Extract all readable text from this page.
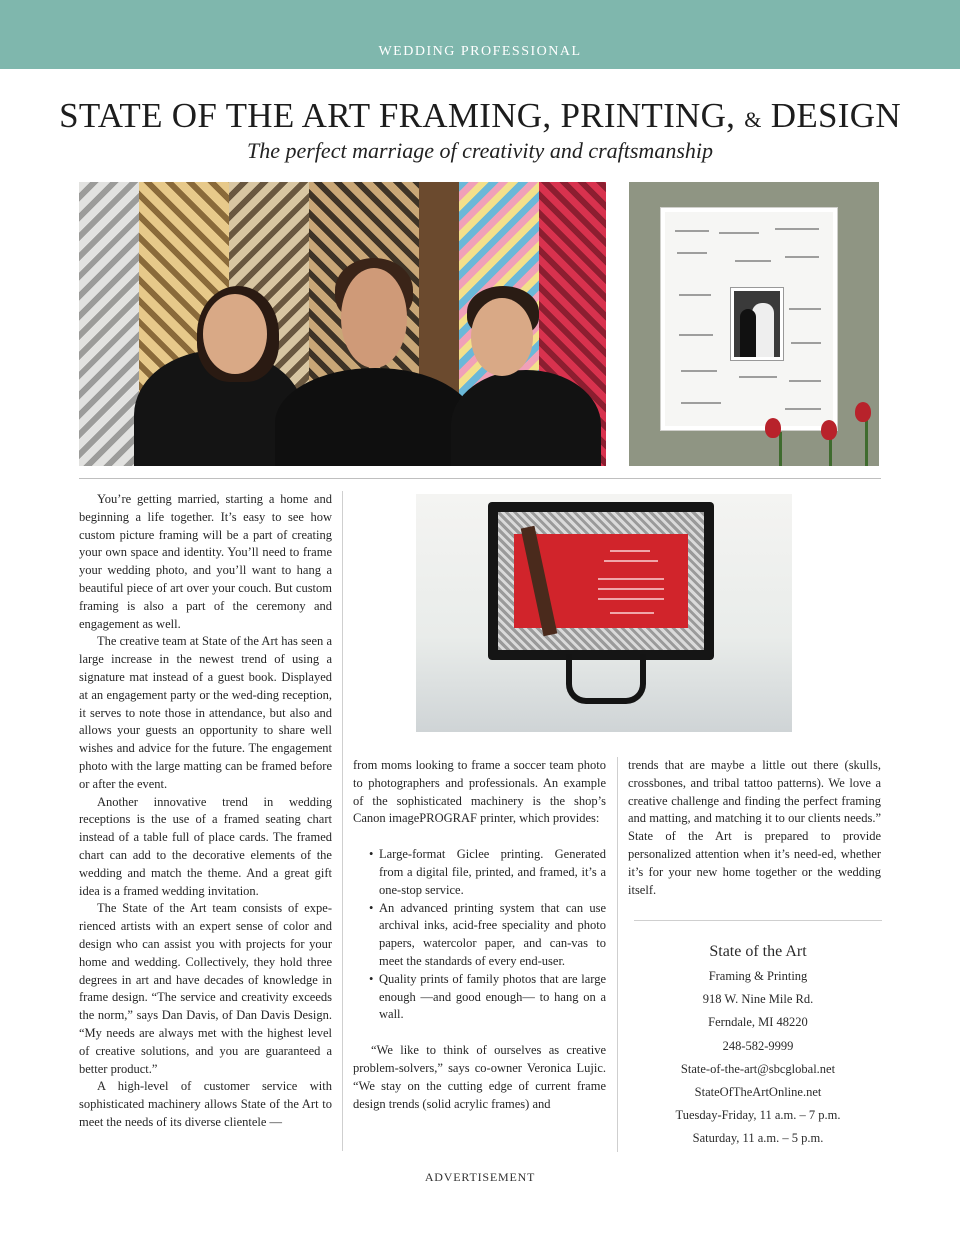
WEDDING PROFESSIONAL
STATE OF THE ART FRAMING, PRINTING, & DESIGN
The perfect marriage of creativity and craftsmanship

You’re getting married, starting a home and beginning a life together. It’s easy to see how custom picture framing will be a part of creating your own space and identity. You’ll need to frame your wedding photo, and you’ll want to hang a beautiful piece of art over your couch. But custom framing is also a part of the ceremony and engagement as well.

The creative team at State of the Art has seen a large increase in the newest trend of using a signature mat instead of a guest book. Displayed at an engagement party or the wed-ding reception, it serves to note those in attendance, but also and allows your guests an opportunity to share well wishes and advice for the future. The engagement photo with the large matting can be framed before or after the event.

Another innovative trend in wedding receptions is the use of a framed seating chart instead of a table full of place cards. The framed chart can add to the decorative elements of the wedding and match the theme. And a great gift idea is a framed wedding invitation.

The State of the Art team consists of expe-rienced artists with an expert sense of color and design who can assist you with projects for your home and wedding. Collectively, they hold three degrees in art and have decades of knowledge in frame design. “The service and creativity exceeds the norm,” says Dan Davis, of Dan Davis Design. “My needs are always met with the highest level of creative solutions, and you are guaranteed a better product.”

A high-level of customer service with sophisticated machinery allows State of the Art to meet the needs of its diverse clientele —

from moms looking to frame a soccer team photo to photographers and professionals. An example of the sophisticated machinery is the shop’s Canon imagePROGRAF printer, which provides:

• Large-format Giclee printing. Generated from a digital file, printed, and framed, it’s a one-stop service.
• An advanced printing system that can use archival inks, acid-free speciality and photo papers, watercolor paper, and can-vas to meet the standards of every end-user.
• Quality prints of family photos that are large enough —and good enough— to hang on a wall.

“We like to think of ourselves as creative problem-solvers,” says co-owner Veronica Lujic. “We stay on the cutting edge of current frame design trends (solid acrylic frames) and

trends that are maybe a little out there (skulls, crossbones, and tribal tattoo patterns). We love a creative challenge and finding the perfect framing and matting, and matching it to our clients needs.” State of the Art is prepared to provide personalized attention when it’s need-ed, whether it’s for your new home together or the wedding itself.

State of the Art
Framing & Printing
918 W. Nine Mile Rd.
Ferndale, MI 48220
248-582-9999
State-of-the-art@sbcglobal.net
StateOfTheArtOnline.net
Tuesday-Friday, 11 a.m. – 7 p.m.
Saturday, 11 a.m. – 5 p.m.
ADVERTISEMENT
